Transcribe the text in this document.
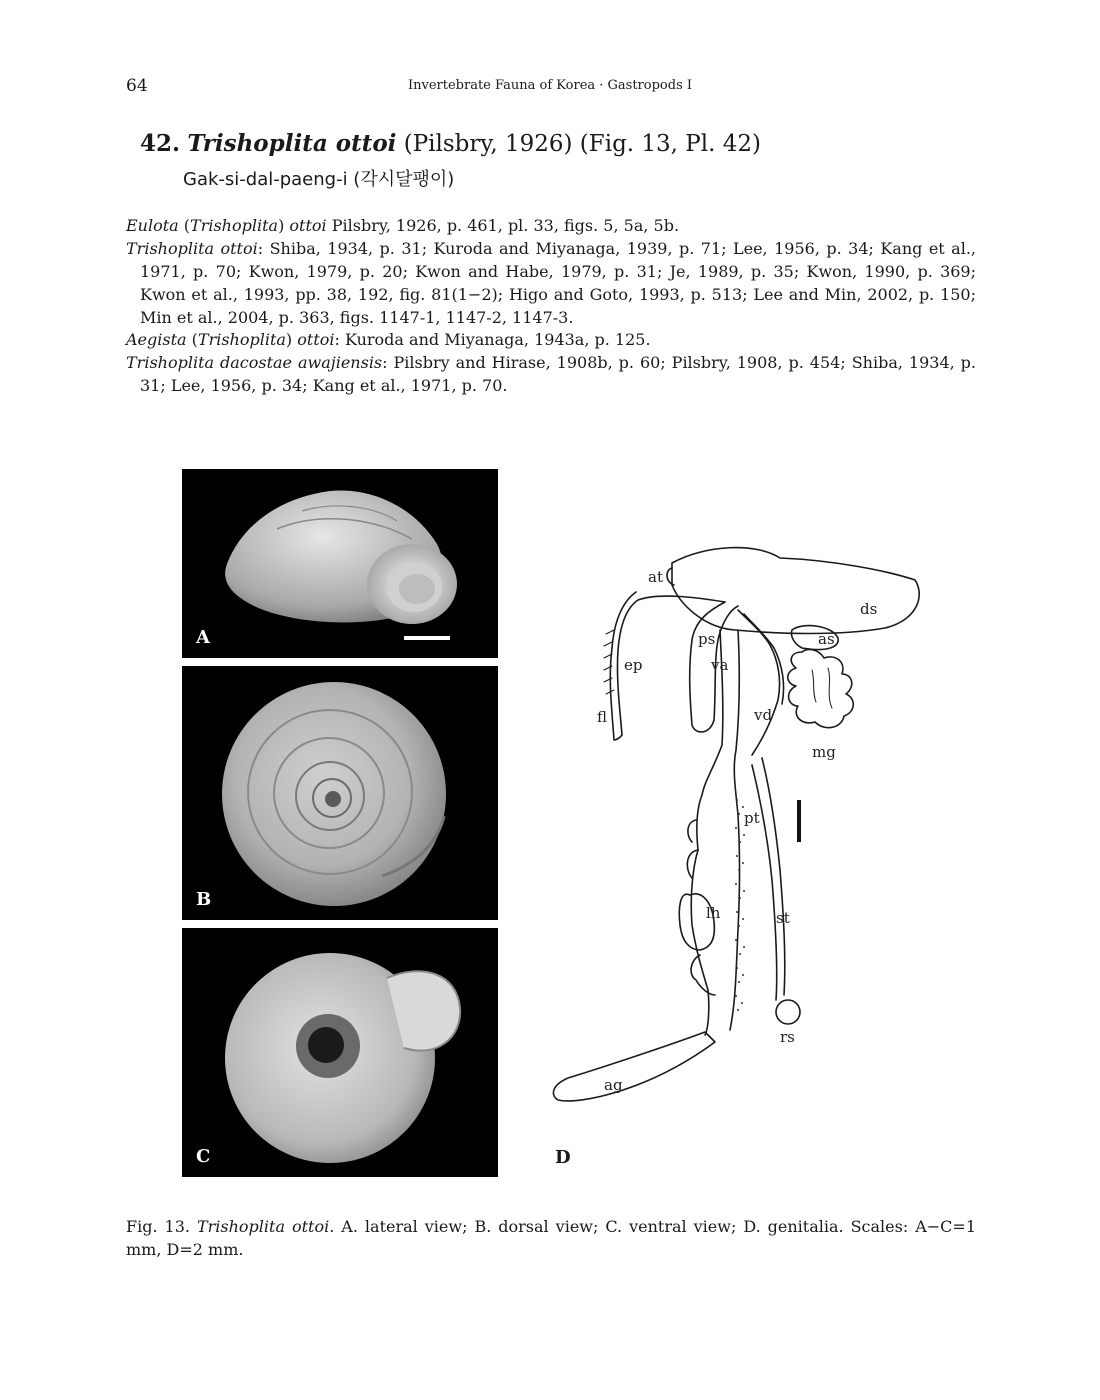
64	Invertebrate Fauna of Korea · Gastropods I
42. Trishoplita ottoi (Pilsbry, 1926) (Fig. 13, Pl. 42)
Gak-si-dal-paeng-i (각시달팽이)

Eulota (Trishoplita) ottoi Pilsbry, 1926, p. 461, pl. 33, figs. 5, 5a, 5b.

Trishoplita ottoi: Shiba, 1934, p. 31; Kuroda and Miyanaga, 1939, p. 71; Lee, 1956, p. 34; Kang et al., 1971, p. 70; Kwon, 1979, p. 20; Kwon and Habe, 1979, p. 31; Je, 1989, p. 35; Kwon, 1990, p. 369; Kwon et al., 1993, pp. 38, 192, fig. 81(1−2); Higo and Goto, 1993, p. 513; Lee and Min, 2002, p. 150; Min et al., 2004, p. 363, figs. 1147-1, 1147-2, 1147-3.

Aegista (Trishoplita) ottoi: Kuroda and Miyanaga, 1943a, p. 125.

Trishoplita dacostae awajiensis: Pilsbry and Hirase, 1908b, p. 60; Pilsbry, 1908, p. 454; Shiba, 1934, p. 31; Lee, 1956, p. 34; Kang et al., 1971, p. 70.

A
B
C
at
ds
as
ps
ep	va
fl	vd
mg
pt
lh	st
rs
ag
D
Fig. 13. Trishoplita ottoi. A. lateral view; B. dorsal view; C. ventral view; D. genitalia. Scales: A−C=1 mm, D=2 mm.
